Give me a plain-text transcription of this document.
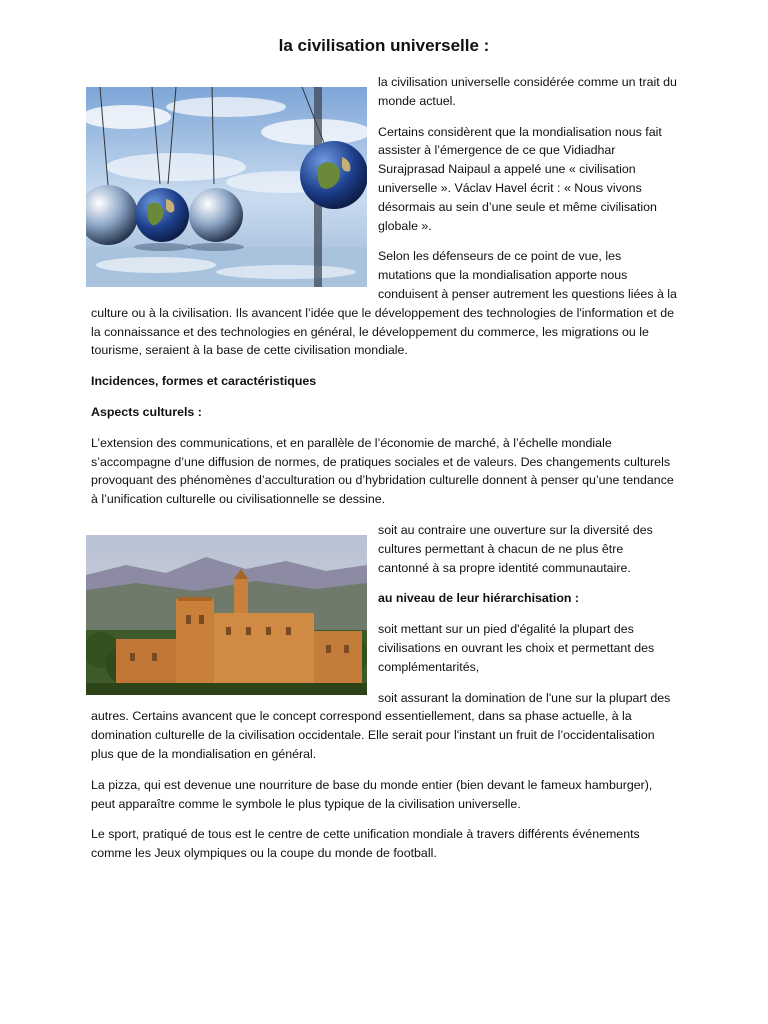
la civilisation universelle :

la civilisation universelle considérée comme un trait du monde actuel.

Certains considèrent que la mondialisation nous fait assister à l’émergence de ce que Vidiadhar Surajprasad Naipaul a appelé une « civilisation universelle ». Václav Havel écrit : « Nous vivons désormais au sein d’une seule et même civilisation globale ».

Selon les défenseurs de ce point de vue, les mutations que la mondialisation apporte nous conduisent à penser autrement les questions liées à la culture ou à la civilisation. Ils avancent l’idée que le développement des technologies de l'information et de la connaissance et des technologies en général, le développement du commerce, les migrations ou le tourisme, seraient à la base de cette civilisation mondiale.

Incidences, formes et caractéristiques

Aspects culturels :

L’extension des communications, et en parallèle de l’économie de marché, à l’échelle mondiale s’accompagne d’une diffusion de normes, de pratiques sociales et de valeurs. Des changements culturels provoquant des phénomènes d’acculturation ou d’hybridation culturelle donnent à penser qu’une tendance à l’unification culturelle ou civilisationnelle se dessine.

soit au contraire une ouverture sur la diversité des cultures permettant à chacun de ne plus être cantonné à sa propre identité communautaire.

au niveau de leur hiérarchisation :

soit mettant sur un pied d'égalité la plupart des civilisations en ouvrant les choix et permettant des complémentarités,

soit assurant la domination de l'une sur la plupart des autres. Certains avancent que le concept correspond essentiellement, dans sa phase actuelle, à la domination culturelle de la civilisation occidentale. Elle serait pour l'instant un fruit de l’occidentalisation plus que de la mondialisation en général.

La pizza, qui est devenue une nourriture de base du monde entier (bien devant le fameux hamburger), peut apparaître comme le symbole le plus typique de la civilisation universelle.

Le sport, pratiqué de tous est le centre de cette unification mondiale à travers différents événements comme les Jeux olympiques ou la coupe du monde de football.
